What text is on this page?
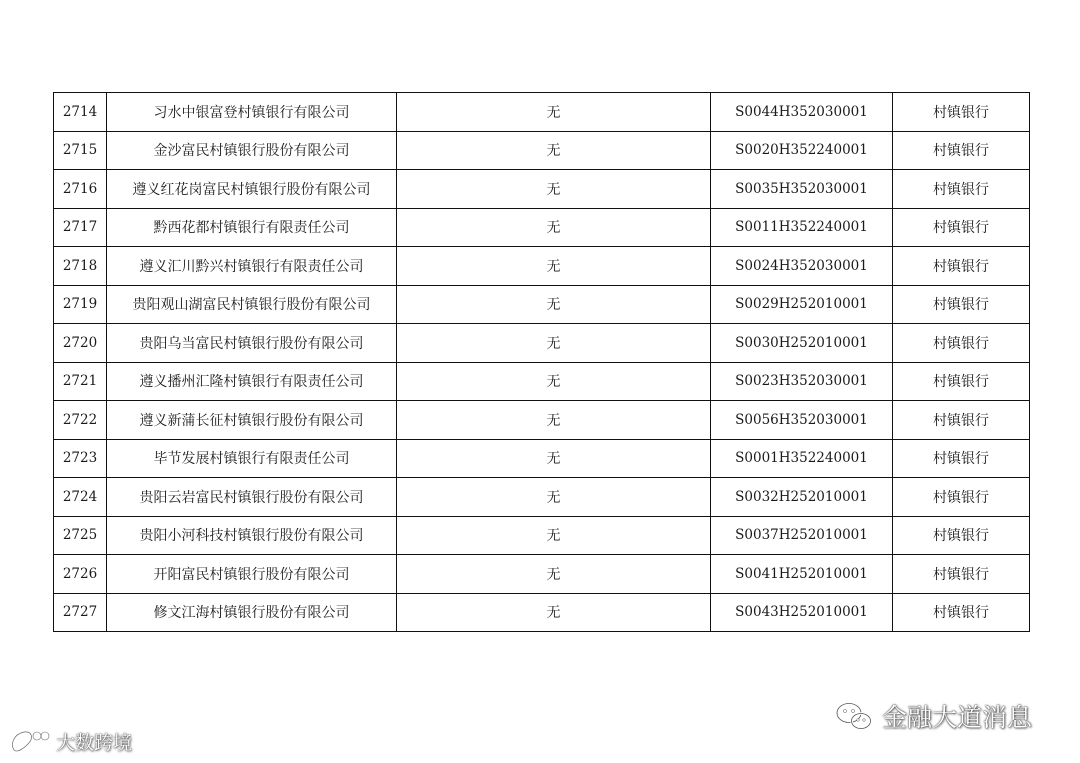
2714	习水中银富登村镇银行有限公司	无	S0044H352030001	村镇银行
2715	金沙富民村镇银行股份有限公司	无	S0020H352240001	村镇银行
2716	遵义红花岗富民村镇银行股份有限公司	无	S0035H352030001	村镇银行
2717	黔西花都村镇银行有限责任公司	无	S0011H352240001	村镇银行
2718	遵义汇川黔兴村镇银行有限责任公司	无	S0024H352030001	村镇银行
2719	贵阳观山湖富民村镇银行股份有限公司	无	S0029H252010001	村镇银行
2720	贵阳乌当富民村镇银行股份有限公司	无	S0030H252010001	村镇银行
2721	遵义播州汇隆村镇银行有限责任公司	无	S0023H352030001	村镇银行
2722	遵义新蒲长征村镇银行股份有限公司	无	S0056H352030001	村镇银行
2723	毕节发展村镇银行有限责任公司	无	S0001H352240001	村镇银行
2724	贵阳云岩富民村镇银行股份有限公司	无	S0032H252010001	村镇银行
2725	贵阳小河科技村镇银行股份有限公司	无	S0037H252010001	村镇银行
2726	开阳富民村镇银行股份有限公司	无	S0041H252010001	村镇银行
2727	修文江海村镇银行股份有限公司	无	S0043H252010001	村镇银行
金融大道消息
大数跨境
